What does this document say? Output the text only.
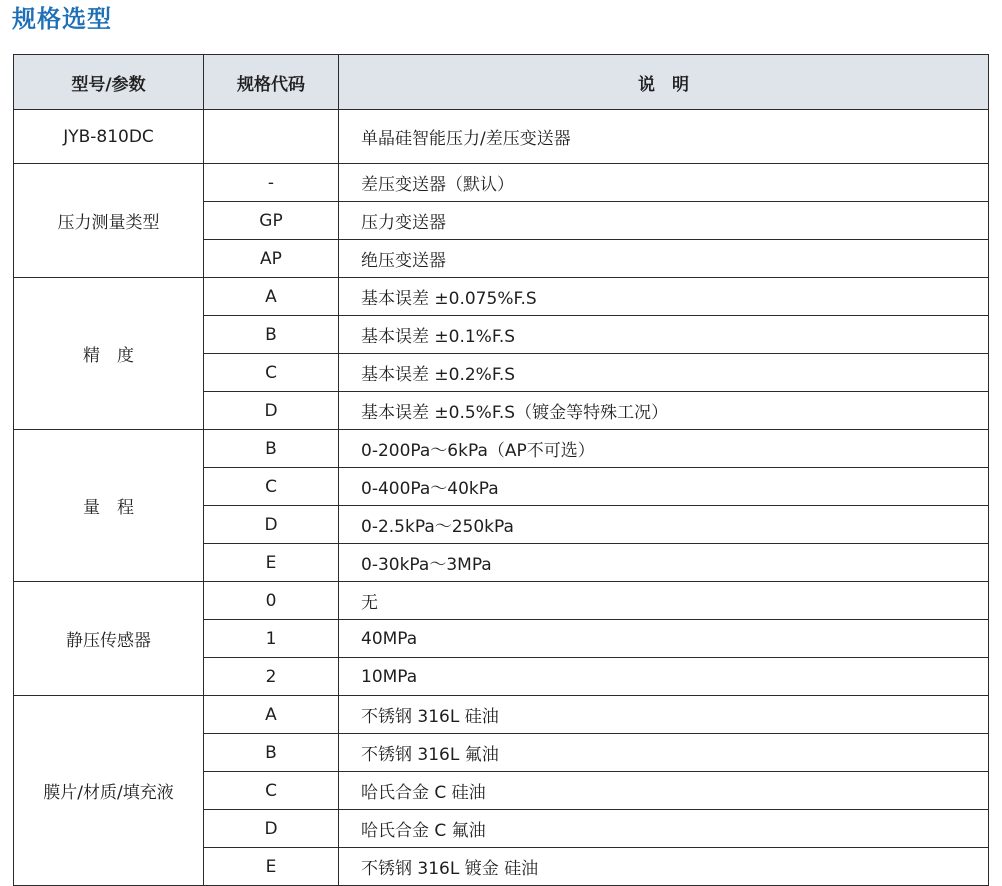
规格选型
型号/参数	规格代码	说　明
JYB-810DC		单晶硅智能压力/差压变送器
压力测量类型	-	差压变送器（默认）
	GP	压力变送器
	AP	绝压变送器
精　度	A	基本误差 ±0.075%F.S
	B	基本误差 ±0.1%F.S
	C	基本误差 ±0.2%F.S
	D	基本误差 ±0.5%F.S（镀金等特殊工况）
量　程	B	0-200Pa～6kPa（AP不可选）
	C	0-400Pa～40kPa
	D	0-2.5kPa～250kPa
	E	0-30kPa～3MPa
静压传感器	0	无
	1	40MPa
	2	10MPa
膜片/材质/填充液	A	不锈钢 316L 硅油
	B	不锈钢 316L 氟油
	C	哈氏合金 C 硅油
	D	哈氏合金 C 氟油
	E	不锈钢 316L 镀金 硅油
